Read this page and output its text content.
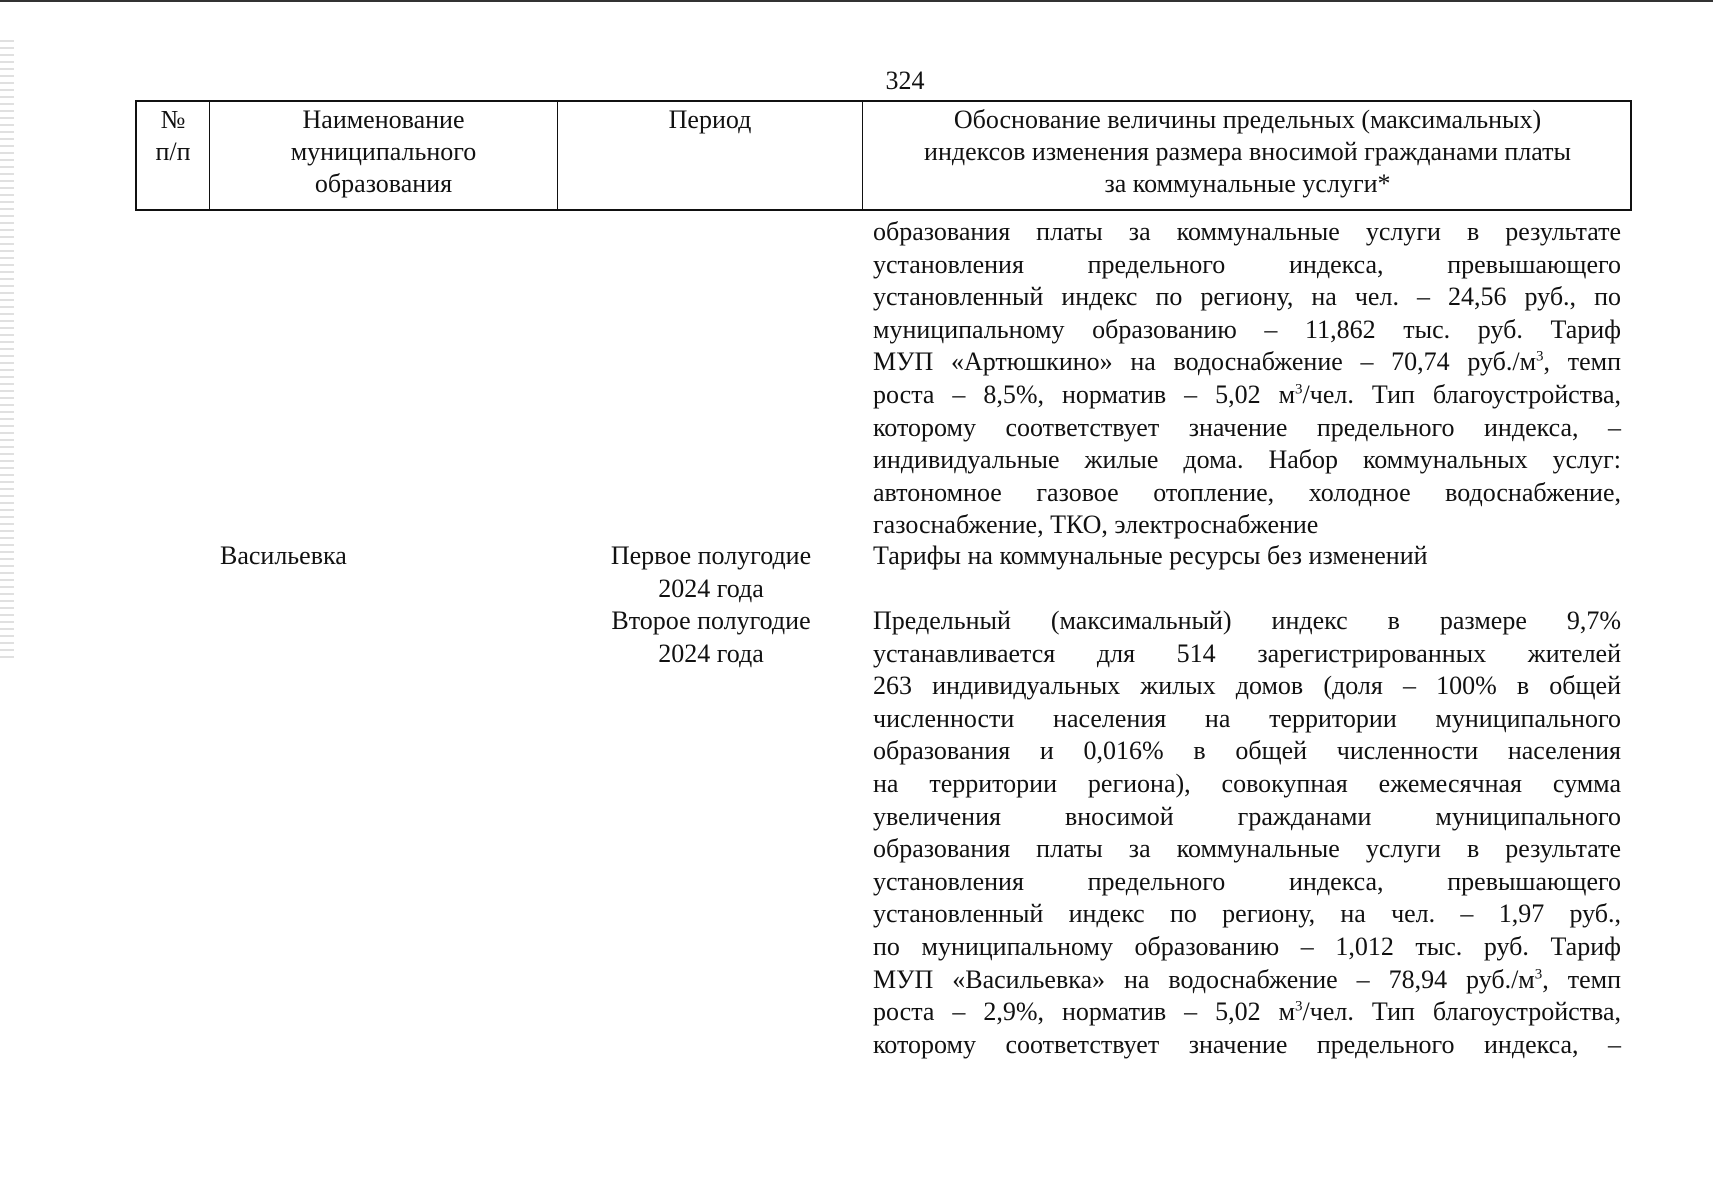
324
№
п/п
Наименование
муниципального
образования
Период	Обоснование величины предельных (максимальных)
индексов изменения размера вносимой гражданами платы
за коммунальные услуги*
образования платы за коммунальные услуги в результате
установления предельного индекса, превышающего
установленный индекс по региону, на чел. – 24,56 руб., по
муниципальному образованию – 11,862 тыс. руб. Тариф
МУП «Артюшкино» на водоснабжение – 70,74 $руб./м^3$, темп
роста – 8,5%, норматив – 5,02 $м^3$/чел. Тип благоустройства,
которому соответствует значение предельного индекса, –
индивидуальные жилые дома. Набор коммунальных услуг:
автономное газовое отопление, холодное водоснабжение,
газоснабжение, ТКО, электроснабжение
Васильевка	Первое полугодие
2024 года
Тарифы на коммунальные ресурсы без изменений
Второе полугодие
2024 года
Предельный (максимальный) индекс в размере 9,7%
устанавливается для 514 зарегистрированных жителей
263 индивидуальных жилых домов (доля – 100% в общей
численности населения на территории муниципального
образования и 0,016% в общей численности населения
на территории региона), совокупная ежемесячная сумма
увеличения вносимой гражданами муниципального
образования платы за коммунальные услуги в результате
установления предельного индекса, превышающего
установленный индекс по региону, на чел. – 1,97 руб.,
по муниципальному образованию – 1,012 тыс. руб. Тариф
МУП «Васильевка» на водоснабжение – 78,94 $руб./м^3$, темп
роста – 2,9%, норматив – 5,02 $м^3$/чел. Тип благоустройства,
которому соответствует значение предельного индекса, –
